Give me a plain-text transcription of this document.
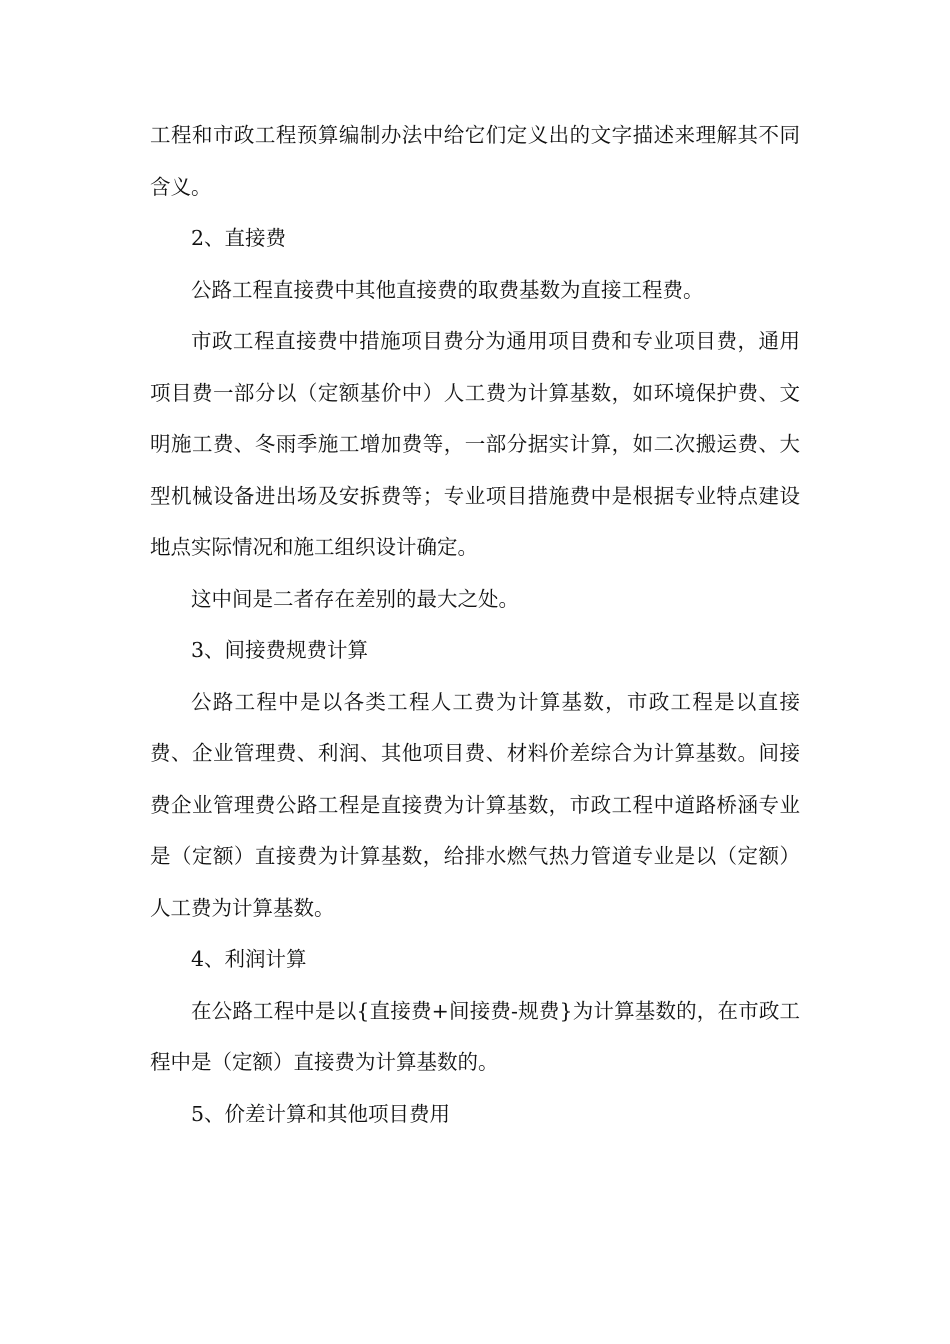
工程和市政工程预算编制办法中给它们定义出的文字描述来理解其不同含义。

2、直接费

公路工程直接费中其他直接费的取费基数为直接工程费。

市政工程直接费中措施项目费分为通用项目费和专业项目费，通用项目费一部分以（定额基价中）人工费为计算基数，如环境保护费、文明施工费、冬雨季施工增加费等，一部分据实计算，如二次搬运费、大型机械设备进出场及安拆费等；专业项目措施费中是根据专业特点建设地点实际情况和施工组织设计确定。

这中间是二者存在差别的最大之处。

3、间接费规费计算

公路工程中是以各类工程人工费为计算基数，市政工程是以直接费、企业管理费、利润、其他项目费、材料价差综合为计算基数。间接费企业管理费公路工程是直接费为计算基数，市政工程中道路桥涵专业是（定额）直接费为计算基数，给排水燃气热力管道专业是以（定额）人工费为计算基数。

4、利润计算

在公路工程中是以{直接费+间接费-规费}为计算基数的，在市政工程中是（定额）直接费为计算基数的。

5、价差计算和其他项目费用
